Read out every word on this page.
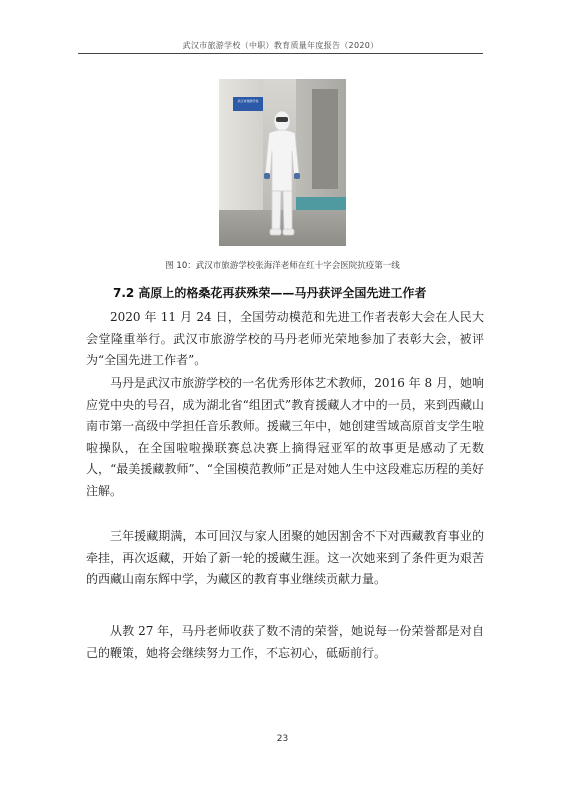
武汉市旅游学校（中职）教育质量年度报告（2020）
武汉市旅游学校
图 10：武汉市旅游学校张海洋老师在红十字会医院抗疫第一线
7.2 高原上的格桑花再获殊荣——马丹获评全国先进工作者

2020 年 11 月 24 日，全国劳动模范和先进工作者表彰大会在人民大会堂隆重举行。武汉市旅游学校的马丹老师光荣地参加了表彰大会，被评为“全国先进工作者”。

马丹是武汉市旅游学校的一名优秀形体艺术教师，2016 年 8 月，她响应党中央的号召，成为湖北省“组团式”教育援藏人才中的一员，来到西藏山南市第一高级中学担任音乐教师。援藏三年中，她创建雪域高原首支学生啦啦操队，在全国啦啦操联赛总决赛上摘得冠亚军的故事更是感动了无数人，“最美援藏教师”、“全国模范教师”正是对她人生中这段难忘历程的美好注解。

三年援藏期满，本可回汉与家人团聚的她因割舍不下对西藏教育事业的牵挂，再次返藏，开始了新一轮的援藏生涯。这一次她来到了条件更为艰苦的西藏山南东辉中学，为藏区的教育事业继续贡献力量。

从教 27 年，马丹老师收获了数不清的荣誉，她说每一份荣誉都是对自己的鞭策，她将会继续努力工作，不忘初心，砥砺前行。

23
